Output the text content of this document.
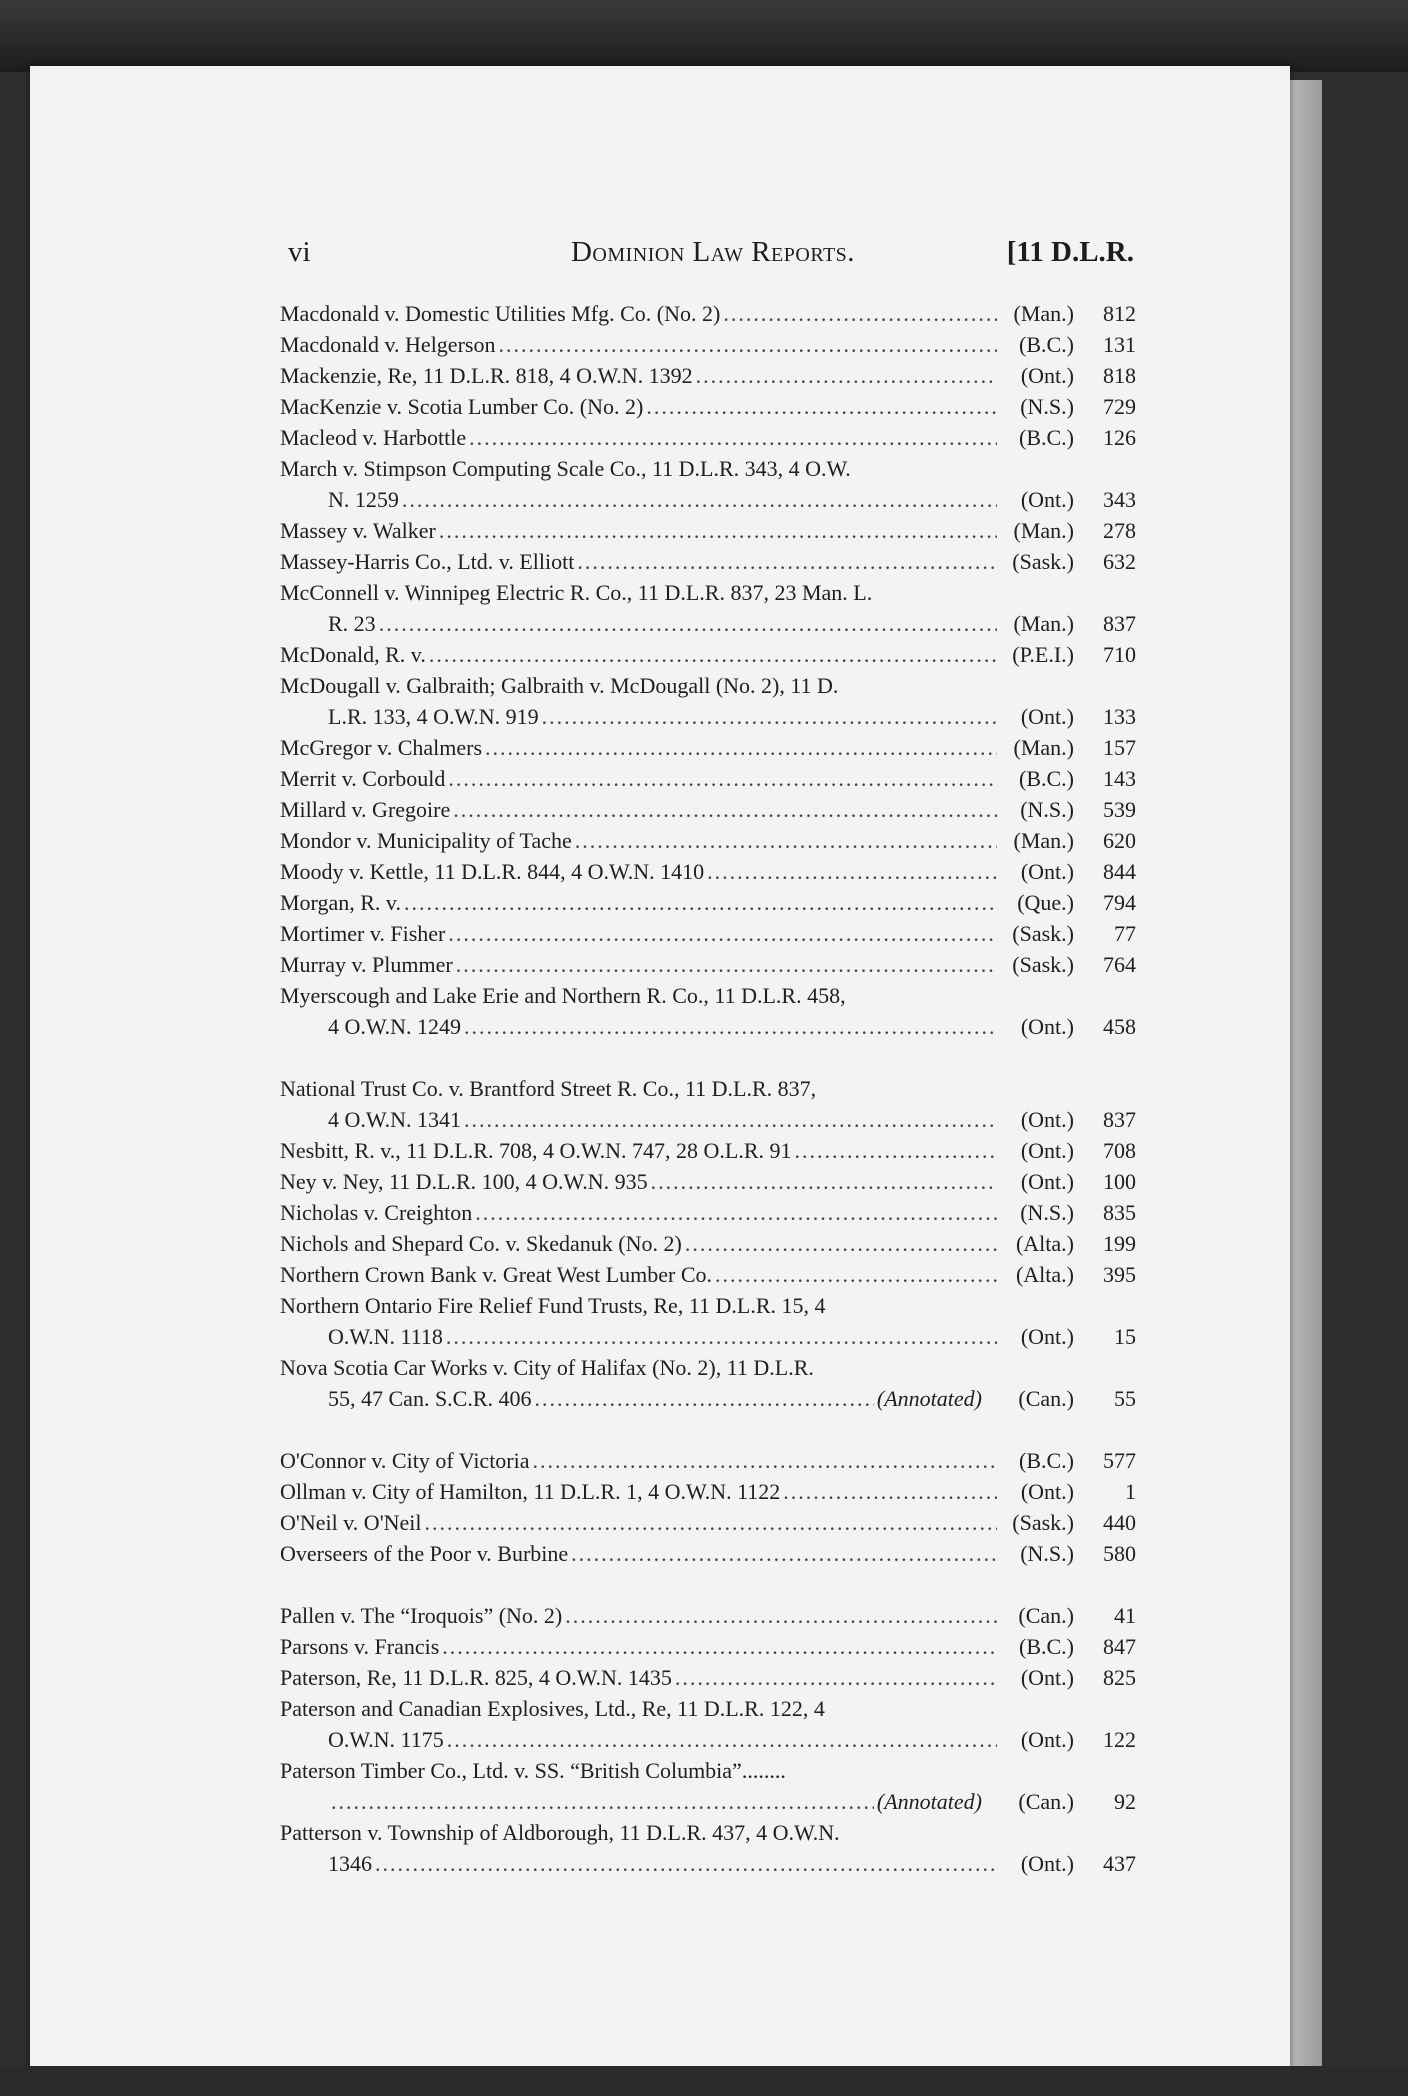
vi	Dominion Law Reports.	[11 D.L.R.
Macdonald v. Domestic Utilities Mfg. Co. (No. 2) .....	(Man.)	812
Macdonald v. Helgerson .....	(B.C.)	131
Mackenzie, Re, 11 D.L.R. 818, 4 O.W.N. 1392 .....	(Ont.)	818
MacKenzie v. Scotia Lumber Co. (No. 2) .....	(N.S.)	729
Macleod v. Harbottle .....	(B.C.)	126
March v. Stimpson Computing Scale Co., 11 D.L.R. 343, 4 O.W.
N. 1259 .....	(Ont.)	343
Massey v. Walker .....	(Man.)	278
Massey-Harris Co., Ltd. v. Elliott .....	(Sask.)	632
McConnell v. Winnipeg Electric R. Co., 11 D.L.R. 837, 23 Man. L.
R. 23 .....	(Man.)	837
McDonald, R. v. .....	(P.E.I.)	710
McDougall v. Galbraith; Galbraith v. McDougall (No. 2), 11 D.
L.R. 133, 4 O.W.N. 919 .....	(Ont.)	133
McGregor v. Chalmers .....	(Man.)	157
Merrit v. Corbould .....	(B.C.)	143
Millard v. Gregoire .....	(N.S.)	539
Mondor v. Municipality of Tache .....	(Man.)	620
Moody v. Kettle, 11 D.L.R. 844, 4 O.W.N. 1410 .....	(Ont.)	844
Morgan, R. v. .....	(Que.)	794
Mortimer v. Fisher .....	(Sask.)	77
Murray v. Plummer .....	(Sask.)	764
Myerscough and Lake Erie and Northern R. Co., 11 D.L.R. 458,
4 O.W.N. 1249 .....	(Ont.)	458
National Trust Co. v. Brantford Street R. Co., 11 D.L.R. 837,
4 O.W.N. 1341 .....	(Ont.)	837
Nesbitt, R. v., 11 D.L.R. 708, 4 O.W.N. 747, 28 O.L.R. 91 .....	(Ont.)	708
Ney v. Ney, 11 D.L.R. 100, 4 O.W.N. 935 .....	(Ont.)	100
Nicholas v. Creighton .....	(N.S.)	835
Nichols and Shepard Co. v. Skedanuk (No. 2) .....	(Alta.)	199
Northern Crown Bank v. Great West Lumber Co. .....	(Alta.)	395
Northern Ontario Fire Relief Fund Trusts, Re, 11 D.L.R. 15, 4
O.W.N. 1118 .....	(Ont.)	15
Nova Scotia Car Works v. City of Halifax (No. 2), 11 D.L.R.
55, 47 Can. S.C.R. 406 .....	(Annotated)	(Can.)	55
O'Connor v. City of Victoria .....	(B.C.)	577
Ollman v. City of Hamilton, 11 D.L.R. 1, 4 O.W.N. 1122 .....	(Ont.)	1
O'Neil v. O'Neil .....	(Sask.)	440
Overseers of the Poor v. Burbine .....	(N.S.)	580
Pallen v. The “Iroquois” (No. 2) .....	(Can.)	41
Parsons v. Francis .....	(B.C.)	847
Paterson, Re, 11 D.L.R. 825, 4 O.W.N. 1435 .....	(Ont.)	825
Paterson and Canadian Explosives, Ltd., Re, 11 D.L.R. 122, 4
O.W.N. 1175 .....	(Ont.)	122
Paterson Timber Co., Ltd. v. SS. “British Columbia”........
.....
(Annotated)	(Can.)	92
Patterson v. Township of Aldborough, 11 D.L.R. 437, 4 O.W.N.
1346 .....	(Ont.)	437
